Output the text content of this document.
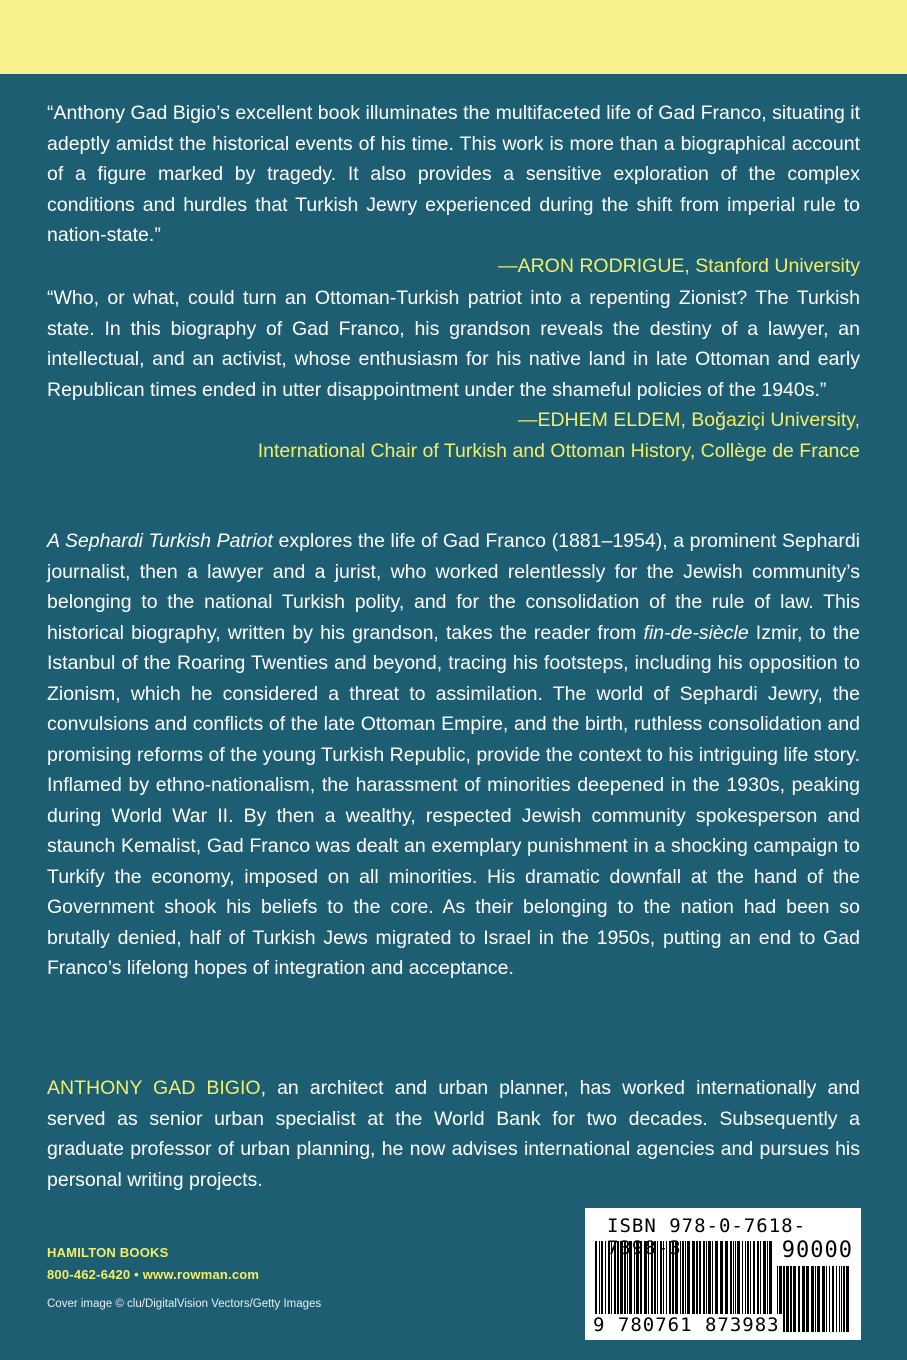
“Anthony Gad Bigio’s excellent book illuminates the multifaceted life of Gad Franco, situating it adeptly amidst the historical events of his time. This work is more than a biographical account of a figure marked by tragedy. It also provides a sensitive exploration of the complex conditions and hurdles that Turkish Jewry experienced during the shift from imperial rule to nation-state.”
—ARON RODRIGUE, Stanford University
“Who, or what, could turn an Ottoman-Turkish patriot into a repenting Zionist? The Turkish state. In this biography of Gad Franco, his grandson reveals the destiny of a lawyer, an intellectual, and an activist, whose enthusiasm for his native land in late Ottoman and early Republican times ended in utter disappointment under the shameful policies of the 1940s.”
—EDHEM ELDEM, Boğaziçi University,
International Chair of Turkish and Ottoman History, Collège de France
A Sephardi Turkish Patriot explores the life of Gad Franco (1881–1954), a prominent Sephardi journalist, then a lawyer and a jurist, who worked relentlessly for the Jewish community’s belonging to the national Turkish polity, and for the consolidation of the rule of law. This historical biography, written by his grandson, takes the reader from fin-de-siècle Izmir, to the Istanbul of the Roaring Twenties and beyond, tracing his footsteps, including his opposition to Zionism, which he considered a threat to assimilation. The world of Sephardi Jewry, the convulsions and conflicts of the late Ottoman Empire, and the birth, ruthless consolidation and promising reforms of the young Turkish Republic, provide the context to his intriguing life story. Inflamed by ethno-nationalism, the harassment of minorities deepened in the 1930s, peaking during World War II. By then a wealthy, respected Jewish community spokesperson and staunch Kemalist, Gad Franco was dealt an exemplary punishment in a shocking campaign to Turkify the economy, imposed on all minorities. His dramatic downfall at the hand of the Government shook his beliefs to the core. As their belonging to the nation had been so brutally denied, half of Turkish Jews migrated to Israel in the 1950s, putting an end to Gad Franco’s lifelong hopes of integration and acceptance.
ANTHONY GAD BIGIO, an architect and urban planner, has worked internationally and served as senior urban specialist at the World Bank for two decades. Subsequently a graduate professor of urban planning, he now advises international agencies and pursues his personal writing projects.
HAMILTON BOOKS
800-462-6420 • www.rowman.com
Cover image © clu/DigitalVision Vectors/Getty Images
ISBN 978-0-7618-7398-3	90000
9 780761 873983
